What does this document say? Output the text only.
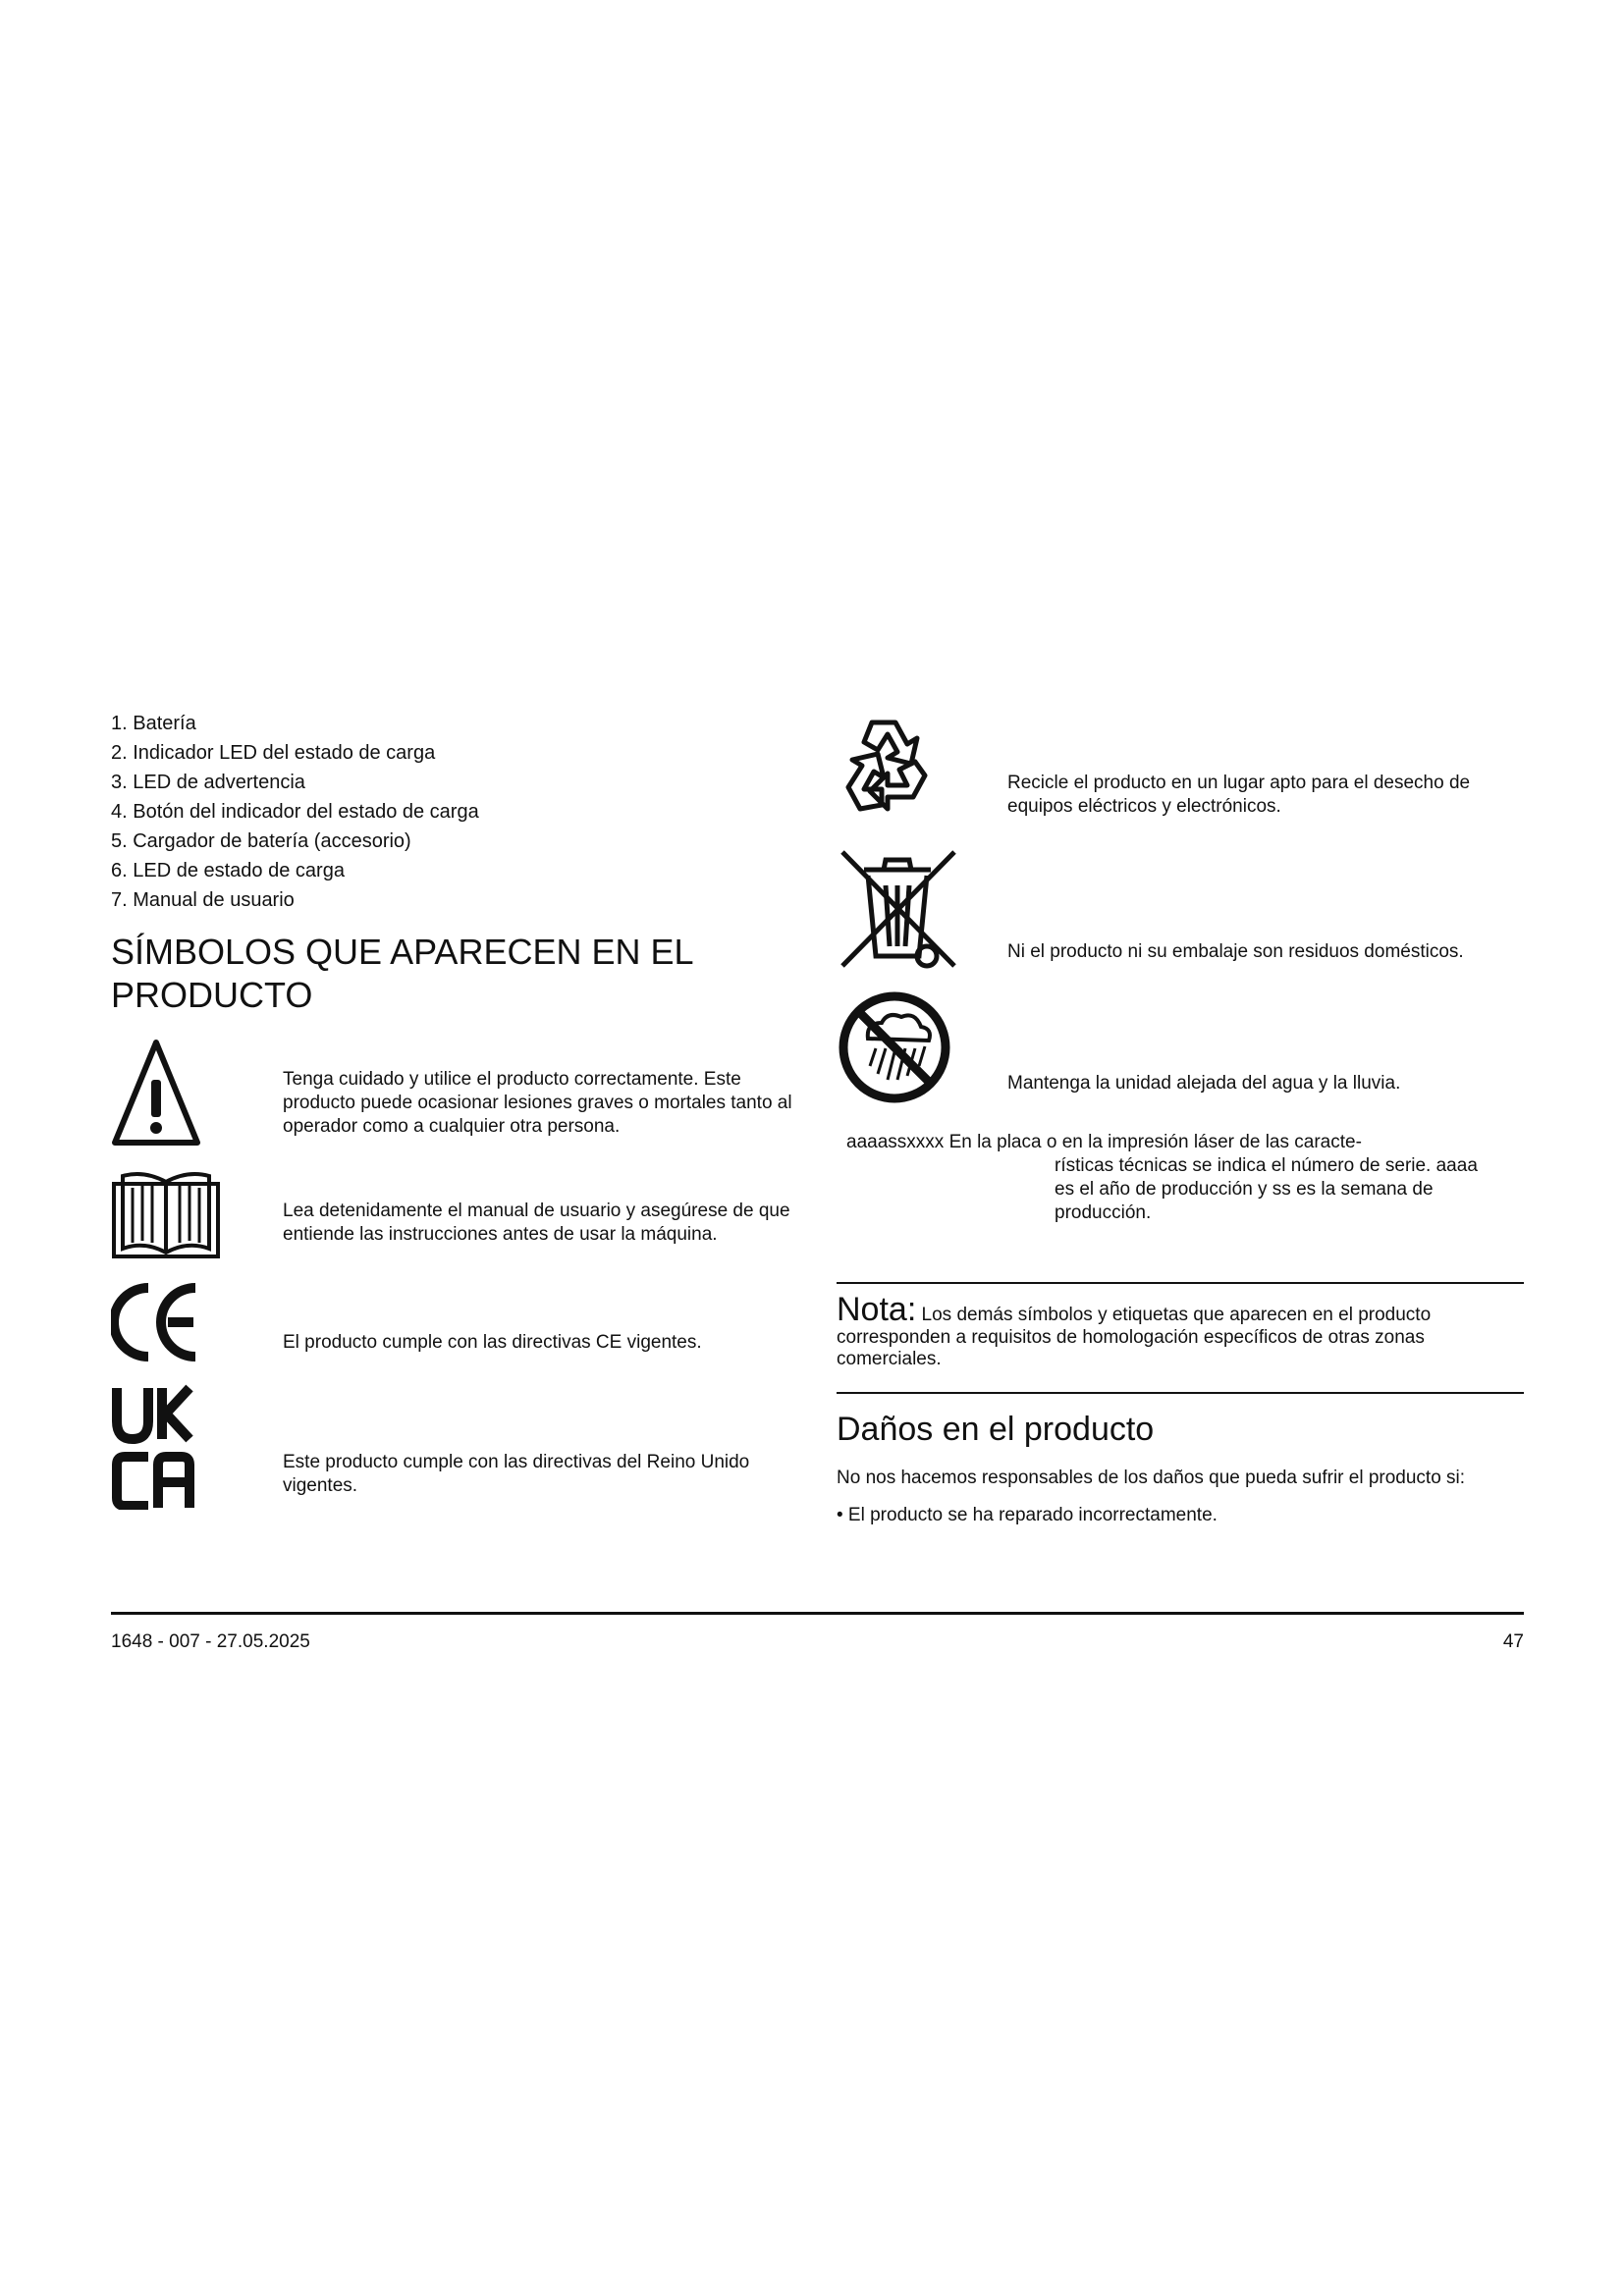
1. Batería
2. Indicador LED del estado de carga
3. LED de advertencia
4. Botón del indicador del estado de carga
5. Cargador de batería (accesorio)
6. LED de estado de carga
7. Manual de usuario
SÍMBOLOS QUE APARECEN EN EL PRODUCTO
Tenga cuidado y utilice el producto correctamente. Este producto puede ocasionar lesiones graves o mortales tanto al operador como a cualquier otra persona.
Lea detenidamente el manual de usuario y asegúrese de que entiende las instrucciones antes de usar la máquina.
El producto cumple con las directivas CE vigentes.
Este producto cumple con las directivas del Reino Unido vigentes.
Recicle el producto en un lugar apto para el desecho de equipos eléctricos y electrónicos.
Ni el producto ni su embalaje son residuos domésticos.
Mantenga la unidad alejada del agua y la lluvia.
aaaassxxxx En la placa o en la impresión láser de las caracte-
rísticas técnicas se indica el número de serie. aaaa
es el año de producción y ss es la semana de
producción.
Nota: Los demás símbolos y etiquetas que aparecen en el producto corresponden a requisitos de homologación específicos de otras zonas comerciales.
Daños en el producto
No nos hacemos responsables de los daños que pueda sufrir el producto si:
• El producto se ha reparado incorrectamente.
1648 - 007 - 27.05.2025	47
